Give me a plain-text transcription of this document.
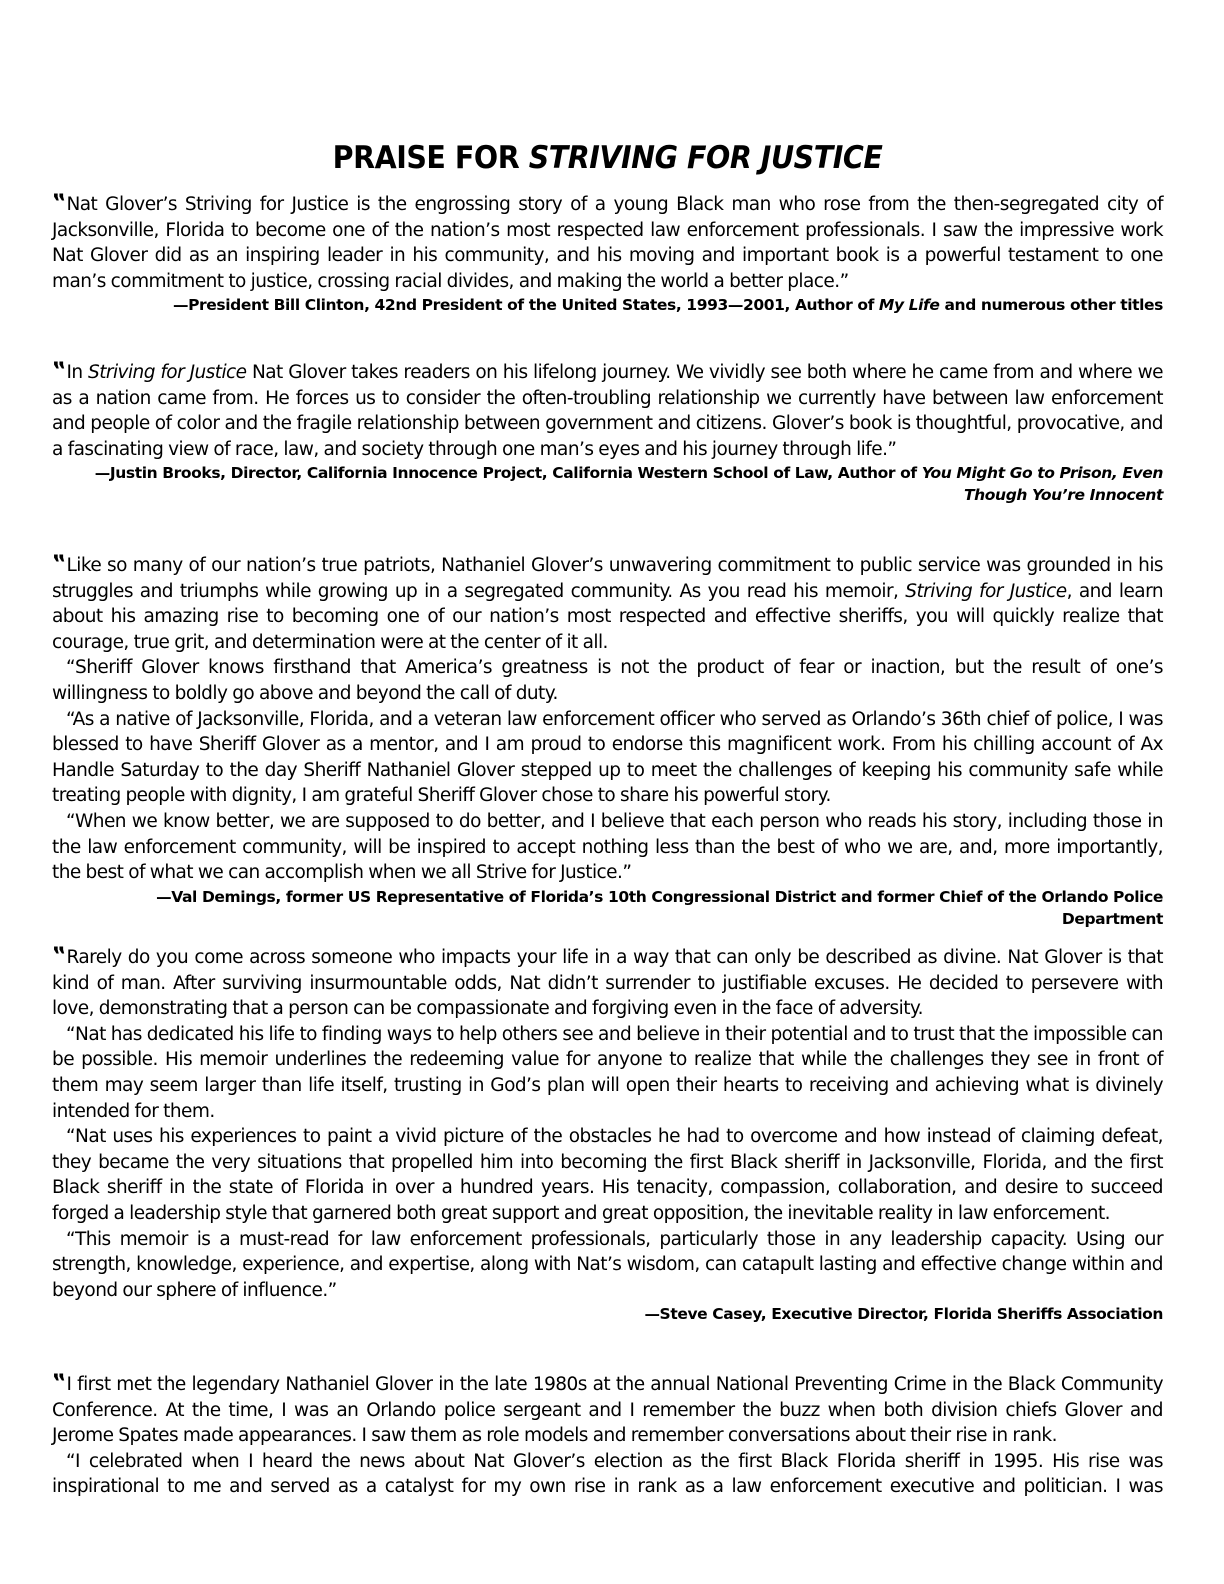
PRAISE FOR STRIVING FOR JUSTICE

‟ Nat Glover’s Striving for Justice is the engrossing story of a young Black man who rose from the then-segregated city of Jacksonville, Florida to become one of the nation’s most respected law enforcement professionals. I saw the impressive work Nat Glover did as an inspiring leader in his community, and his moving and important book is a powerful testament to one man’s commitment to justice, crossing racial divides, and making the world a better place.”

—President Bill Clinton, 42nd President of the United States, 1993—2001, Author of My Life and numerous other titles

‟ In Striving for Justice Nat Glover takes readers on his lifelong journey. We vividly see both where he came from and where we as a nation came from. He forces us to consider the often-troubling relationship we currently have between law enforcement and people of color and the fragile relationship between government and citizens. Glover’s book is thoughtful, provocative, and a fascinating view of race, law, and society through one man’s eyes and his journey through life.”

—Justin Brooks, Director, California Innocence Project, California Western School of Law, Author of You Might Go to Prison, Even Though You’re Innocent

‟ Like so many of our nation’s true patriots, Nathaniel Glover’s unwavering commitment to public service was grounded in his struggles and triumphs while growing up in a segregated community. As you read his memoir, Striving for Justice, and learn about his amazing rise to becoming one of our nation’s most respected and effective sheriffs, you will quickly realize that courage, true grit, and determination were at the center of it all.

“Sheriff Glover knows firsthand that America’s greatness is not the product of fear or inaction, but the result of one’s willingness to boldly go above and beyond the call of duty.

“As a native of Jacksonville, Florida, and a veteran law enforcement officer who served as Orlando’s 36th chief of police, I was blessed to have Sheriff Glover as a mentor, and I am proud to endorse this magnificent work. From his chilling account of Ax Handle Saturday to the day Sheriff Nathaniel Glover stepped up to meet the challenges of keeping his community safe while treating people with dignity, I am grateful Sheriff Glover chose to share his powerful story.

“When we know better, we are supposed to do better, and I believe that each person who reads his story, including those in the law enforcement community, will be inspired to accept nothing less than the best of who we are, and, more importantly, the best of what we can accomplish when we all Strive for Justice.”

—Val Demings, former US Representative of Florida’s 10th Congressional District and former Chief of the Orlando Police Department

‟ Rarely do you come across someone who impacts your life in a way that can only be described as divine. Nat Glover is that kind of man. After surviving insurmountable odds, Nat didn’t surrender to justifiable excuses. He decided to persevere with love, demonstrating that a person can be compassionate and forgiving even in the face of adversity.

“Nat has dedicated his life to finding ways to help others see and believe in their potential and to trust that the impossible can be possible. His memoir underlines the redeeming value for anyone to realize that while the challenges they see in front of them may seem larger than life itself, trusting in God’s plan will open their hearts to receiving and achieving what is divinely intended for them.

“Nat uses his experiences to paint a vivid picture of the obstacles he had to overcome and how instead of claiming defeat, they became the very situations that propelled him into becoming the first Black sheriff in Jacksonville, Florida, and the first Black sheriff in the state of Florida in over a hundred years. His tenacity, compassion, collaboration, and desire to succeed forged a leadership style that garnered both great support and great opposition, the inevitable reality in law enforcement.

“This memoir is a must-read for law enforcement professionals, particularly those in any leadership capacity. Using our strength, knowledge, experience, and expertise, along with Nat’s wisdom, can catapult lasting and effective change within and beyond our sphere of influence.”

—Steve Casey, Executive Director, Florida Sheriffs Association

‟ I first met the legendary Nathaniel Glover in the late 1980s at the annual National Preventing Crime in the Black Community Conference. At the time, I was an Orlando police sergeant and I remember the buzz when both division chiefs Glover and Jerome Spates made appearances. I saw them as role models and remember conversations about their rise in rank.

“I celebrated when I heard the news about Nat Glover’s election as the first Black Florida sheriff in 1995. His rise was inspirational to me and served as a catalyst for my own rise in rank as a law enforcement executive and politician. I was
